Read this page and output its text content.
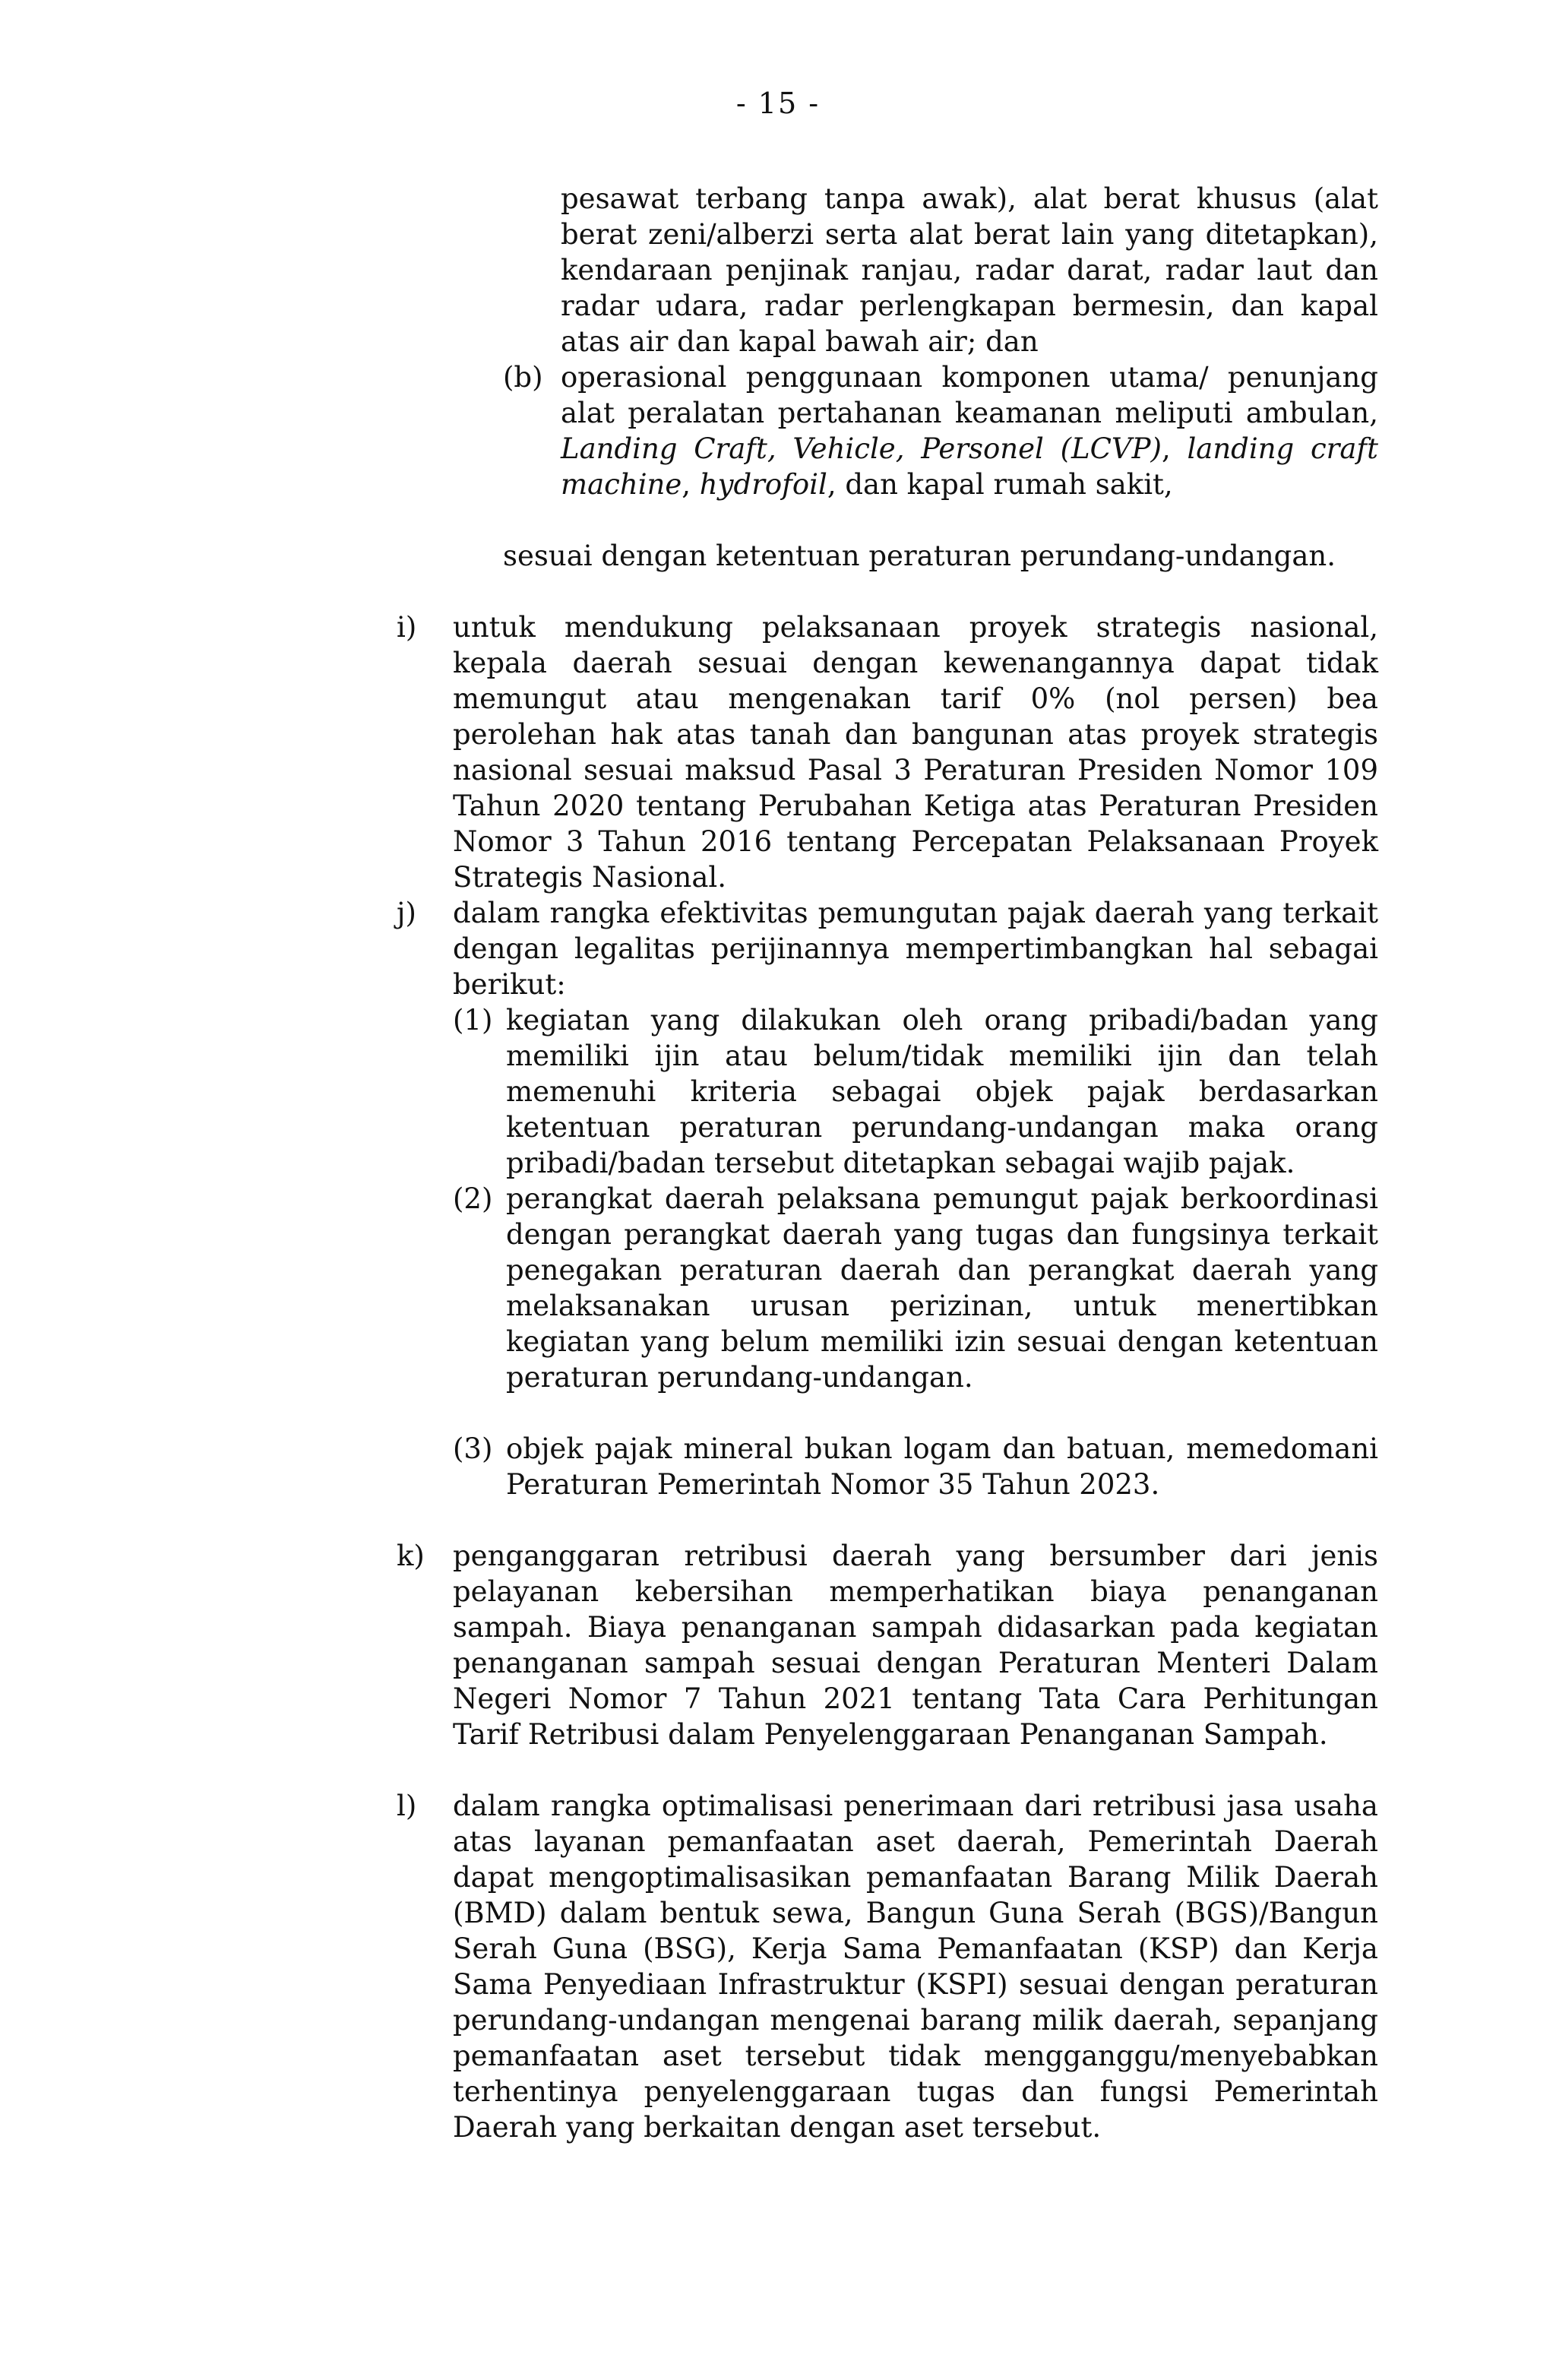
- 15 -
pesawat terbang tanpa awak), alat berat khusus (alat berat zeni/alberzi serta alat berat lain yang ditetapkan), kendaraan penjinak ranjau, radar darat, radar laut dan radar udara, radar perlengkapan bermesin, dan kapal atas air dan kapal bawah air; dan
(b) operasional penggunaan komponen utama/ penunjang alat peralatan pertahanan keamanan meliputi ambulan, Landing Craft, Vehicle, Personel (LCVP), landing craft machine, hydrofoil, dan kapal rumah sakit,
sesuai dengan ketentuan peraturan perundang-undangan.
i) untuk mendukung pelaksanaan proyek strategis nasional, kepala daerah sesuai dengan kewenangannya dapat tidak memungut atau mengenakan tarif 0% (nol persen) bea perolehan hak atas tanah dan bangunan atas proyek strategis nasional sesuai maksud Pasal 3 Peraturan Presiden Nomor 109 Tahun 2020 tentang Perubahan Ketiga atas Peraturan Presiden Nomor 3 Tahun 2016 tentang Percepatan Pelaksanaan Proyek Strategis Nasional.
j) dalam rangka efektivitas pemungutan pajak daerah yang terkait dengan legalitas perijinannya mempertimbangkan hal sebagai berikut:
(1) kegiatan yang dilakukan oleh orang pribadi/badan yang memiliki ijin atau belum/tidak memiliki ijin dan telah memenuhi kriteria sebagai objek pajak berdasarkan ketentuan peraturan perundang-undangan maka orang pribadi/badan tersebut ditetapkan sebagai wajib pajak.
(2) perangkat daerah pelaksana pemungut pajak berkoordinasi dengan perangkat daerah yang tugas dan fungsinya terkait penegakan peraturan daerah dan perangkat daerah yang melaksanakan urusan perizinan, untuk menertibkan kegiatan yang belum memiliki izin sesuai dengan ketentuan peraturan perundang-undangan.
(3) objek pajak mineral bukan logam dan batuan, memedomani Peraturan Pemerintah Nomor 35 Tahun 2023.
k) penganggaran retribusi daerah yang bersumber dari jenis pelayanan kebersihan memperhatikan biaya penanganan sampah. Biaya penanganan sampah didasarkan pada kegiatan penanganan sampah sesuai dengan Peraturan Menteri Dalam Negeri Nomor 7 Tahun 2021 tentang Tata Cara Perhitungan Tarif Retribusi dalam Penyelenggaraan Penanganan Sampah.
l) dalam rangka optimalisasi penerimaan dari retribusi jasa usaha atas layanan pemanfaatan aset daerah, Pemerintah Daerah dapat mengoptimalisasikan pemanfaatan Barang Milik Daerah (BMD) dalam bentuk sewa, Bangun Guna Serah (BGS)/Bangun Serah Guna (BSG), Kerja Sama Pemanfaatan (KSP) dan Kerja Sama Penyediaan Infrastruktur (KSPI) sesuai dengan peraturan perundang-undangan mengenai barang milik daerah, sepanjang pemanfaatan aset tersebut tidak mengganggu/menyebabkan terhentinya penyelenggaraan tugas dan fungsi Pemerintah Daerah yang berkaitan dengan aset tersebut.
